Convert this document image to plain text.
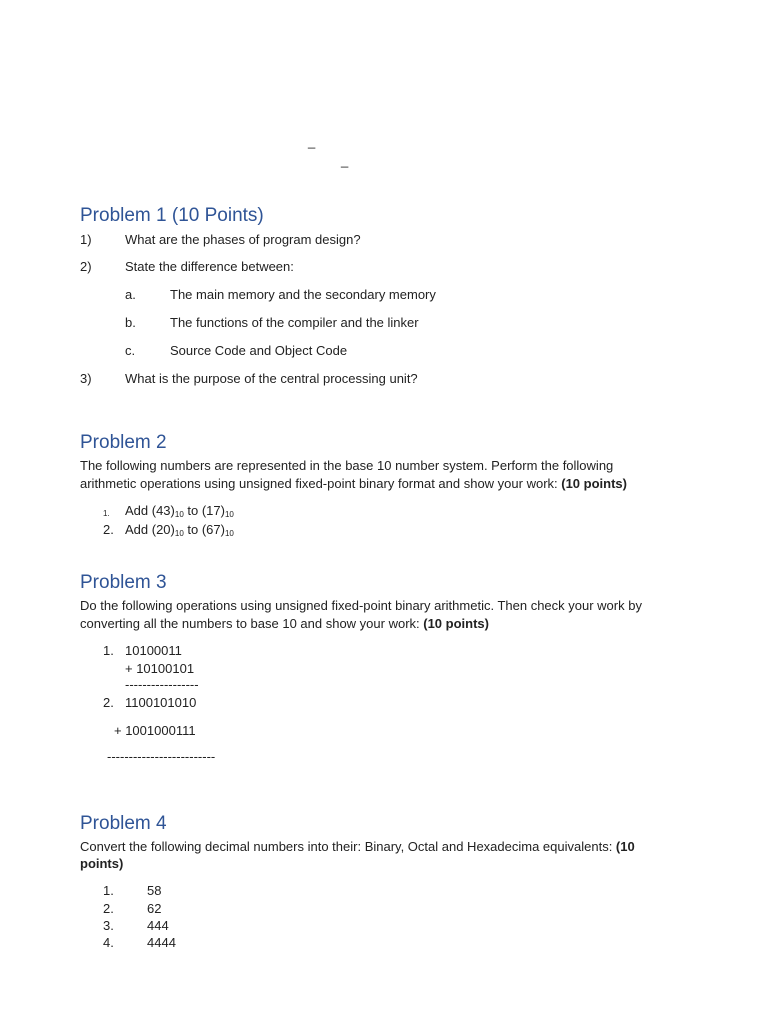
_
_
Problem 1 (10 Points)
1)	What are the phases of program design?
2)	State the difference between:
a.	The main memory and the secondary memory
b.	The functions of the compiler and the linker
c.	Source Code and Object Code
3)	What is the purpose of the central processing unit?
Problem 2
The following numbers are represented in the base 10 number system. Perform the following
arithmetic operations using unsigned fixed-point binary format and show your work: (10 points)
1. Add $(43)_{10}$ to $(17)_{10}$
2. Add $(20)_{10}$ to $(67)_{10}$
Problem 3
Do the following operations using unsigned fixed-point binary arithmetic. Then check your work by
converting all the numbers to base 10 and show your work: (10 points)
1. 10100011
+ 10100101
-----------------
2. 1100101010
+ 1001000111
-------------------------
Problem 4
Convert the following decimal numbers into their: Binary, Octal and Hexadecima equivalents: (10
points)
1.	58
2.	62
3.	444
4.	4444
